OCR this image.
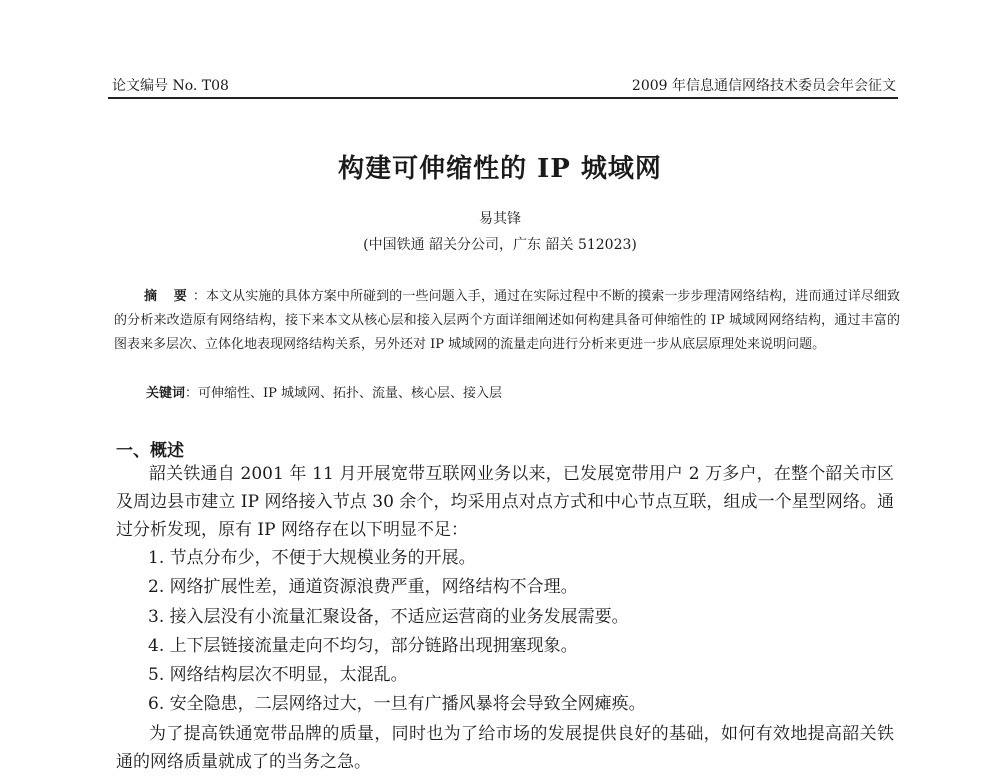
论文编号 No. T08	2009 年信息通信网络技术委员会年会征文
构建可伸缩性的 IP 城域网
易其锋
(中国铁通 韶关分公司，广东 韶关 512023)
摘 要：本文从实施的具体方案中所碰到的一些问题入手，通过在实际过程中不断的摸索一步步理清网络结构，进而通过详尽细致的分析来改造原有网络结构，接下来本文从核心层和接入层两个方面详细阐述如何构建具备可伸缩性的 IP 城域网网络结构，通过丰富的图表来多层次、立体化地表现网络结构关系，另外还对 IP 城域网的流量走向进行分析来更进一步从底层原理处来说明问题。
关键词：可伸缩性、IP 城域网、拓扑、流量、核心层、接入层
一、概述
韶关铁通自 2001 年 11 月开展宽带互联网业务以来，已发展宽带用户 2 万多户，在整个韶关市区及周边县市建立 IP 网络接入节点 30 余个，均采用点对点方式和中心节点互联，组成一个星型网络。通过分析发现，原有 IP 网络存在以下明显不足：
1. 节点分布少，不便于大规模业务的开展。
2. 网络扩展性差，通道资源浪费严重，网络结构不合理。
3. 接入层没有小流量汇聚设备，不适应运营商的业务发展需要。
4. 上下层链接流量走向不均匀，部分链路出现拥塞现象。
5. 网络结构层次不明显，太混乱。
6. 安全隐患，二层网络过大，一旦有广播风暴将会导致全网瘫痪。
为了提高铁通宽带品牌的质量，同时也为了给市场的发展提供良好的基础，如何有效地提高韶关铁通的网络质量就成了的当务之急。
